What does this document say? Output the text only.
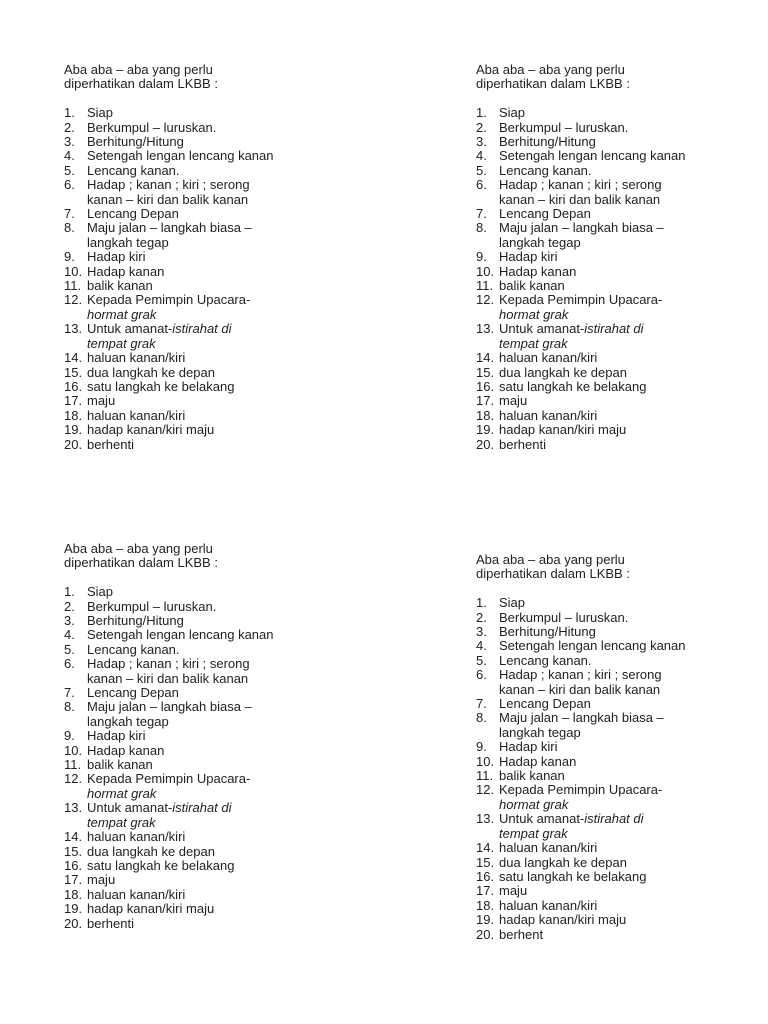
Aba aba – aba yang perlu
diperhatikan dalam LKBB :
1. Siap
2. Berkumpul – luruskan.
3. Berhitung/Hitung
4. Setengah lengan lencang kanan
5. Lencang kanan.
6. Hadap ; kanan ; kiri ; serong
kanan – kiri dan balik kanan
7. Lencang Depan
8. Maju jalan – langkah biasa –
langkah tegap
9. Hadap kiri
10. Hadap kanan
11. balik kanan
12. Kepada Pemimpin Upacara-
hormat grak
13. Untuk amanat-istirahat di
tempat grak
14. haluan kanan/kiri
15. dua langkah ke depan
16. satu langkah ke belakang
17. maju
18. haluan kanan/kiri
19. hadap kanan/kiri maju
20. berhenti
Aba aba – aba yang perlu
diperhatikan dalam LKBB :
1. Siap
2. Berkumpul – luruskan.
3. Berhitung/Hitung
4. Setengah lengan lencang kanan
5. Lencang kanan.
6. Hadap ; kanan ; kiri ; serong
kanan – kiri dan balik kanan
7. Lencang Depan
8. Maju jalan – langkah biasa –
langkah tegap
9. Hadap kiri
10. Hadap kanan
11. balik kanan
12. Kepada Pemimpin Upacara-
hormat grak
13. Untuk amanat-istirahat di
tempat grak
14. haluan kanan/kiri
15. dua langkah ke depan
16. satu langkah ke belakang
17. maju
18. haluan kanan/kiri
19. hadap kanan/kiri maju
20. berhenti
Aba aba – aba yang perlu
diperhatikan dalam LKBB :
1. Siap
2. Berkumpul – luruskan.
3. Berhitung/Hitung
4. Setengah lengan lencang kanan
5. Lencang kanan.
6. Hadap ; kanan ; kiri ; serong
kanan – kiri dan balik kanan
7. Lencang Depan
8. Maju jalan – langkah biasa –
langkah tegap
9. Hadap kiri
10. Hadap kanan
11. balik kanan
12. Kepada Pemimpin Upacara-
hormat grak
13. Untuk amanat-istirahat di
tempat grak
14. haluan kanan/kiri
15. dua langkah ke depan
16. satu langkah ke belakang
17. maju
18. haluan kanan/kiri
19. hadap kanan/kiri maju
20. berhenti
Aba aba – aba yang perlu
diperhatikan dalam LKBB :
1. Siap
2. Berkumpul – luruskan.
3. Berhitung/Hitung
4. Setengah lengan lencang kanan
5. Lencang kanan.
6. Hadap ; kanan ; kiri ; serong
kanan – kiri dan balik kanan
7. Lencang Depan
8. Maju jalan – langkah biasa –
langkah tegap
9. Hadap kiri
10. Hadap kanan
11. balik kanan
12. Kepada Pemimpin Upacara-
hormat grak
13. Untuk amanat-istirahat di
tempat grak
14. haluan kanan/kiri
15. dua langkah ke depan
16. satu langkah ke belakang
17. maju
18. haluan kanan/kiri
19. hadap kanan/kiri maju
20. berhent
